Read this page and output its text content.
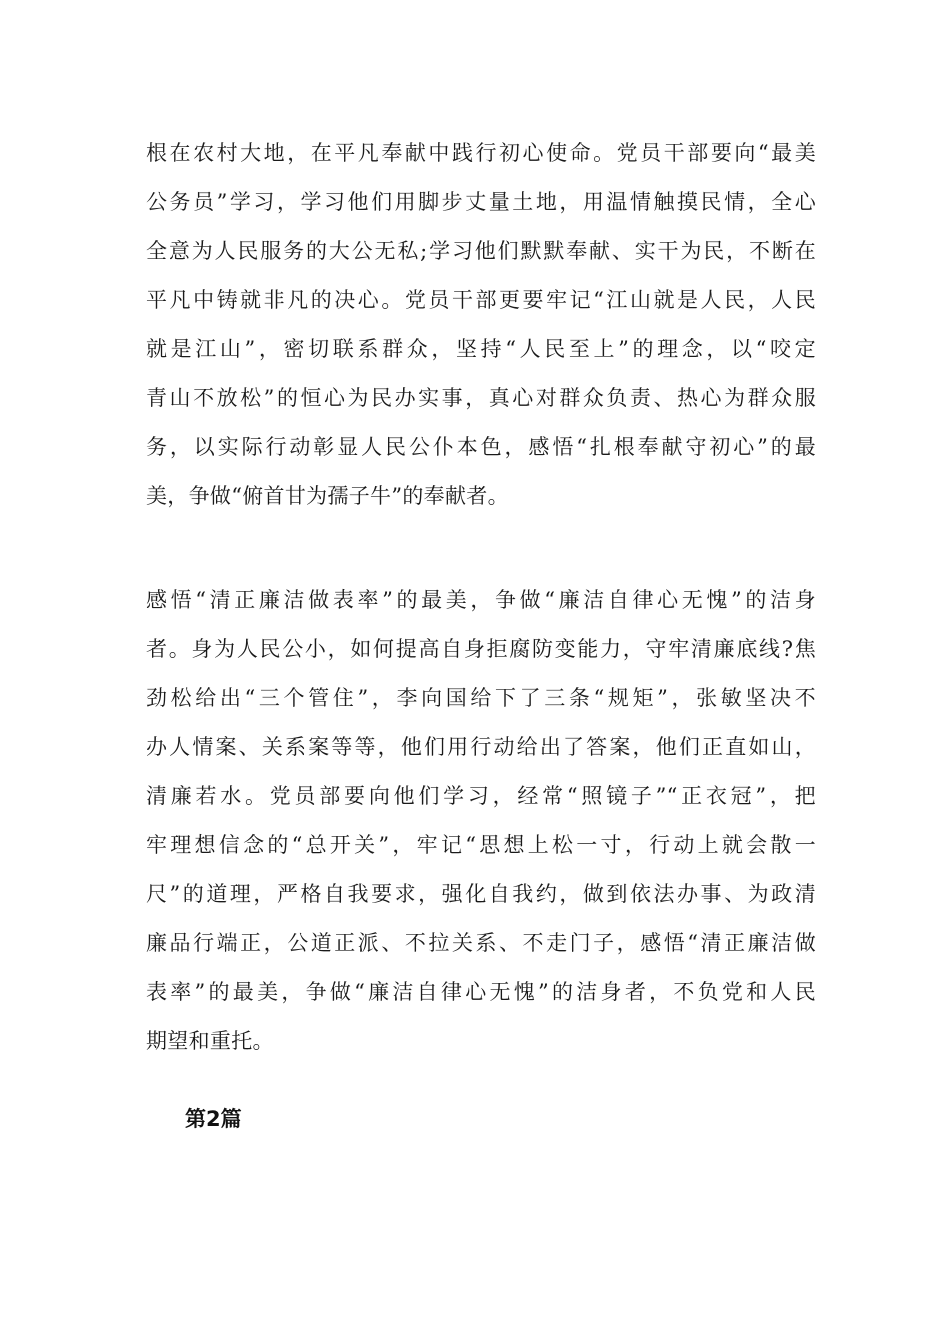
根在农村大地，在平凡奉献中践行初心使命。党员干部要向“最美
公务员”学习，学习他们用脚步丈量土地，用温情触摸民情，全心
全意为人民服务的大公无私;学习他们默默奉献、实干为民，不断在
平凡中铸就非凡的决心。党员干部更要牢记“江山就是人民，人民
就是江山”，密切联系群众，坚持“人民至上”的理念，以“咬定
青山不放松”的恒心为民办实事，真心对群众负责、热心为群众服
务，以实际行动彰显人民公仆本色，感悟“扎根奉献守初心”的最
美，争做“俯首甘为孺子牛”的奉献者。
感悟“清正廉洁做表率”的最美，争做“廉洁自律心无愧”的洁身
者。身为人民公小，如何提高自身拒腐防变能力，守牢清廉底线?焦
劲松给出“三个管住”，李向国给下了三条“规矩”，张敏坚决不
办人情案、关系案等等，他们用行动给出了答案，他们正直如山，
清廉若水。党员部要向他们学习，经常“照镜子”“正衣冠”，把
牢理想信念的“总开关”，牢记“思想上松一寸，行动上就会散一
尺”的道理，严格自我要求，强化自我约，做到依法办事、为政清
廉品行端正，公道正派、不拉关系、不走门子，感悟“清正廉洁做
表率”的最美，争做“廉洁自律心无愧”的洁身者，不负党和人民
期望和重托。
第2篇
